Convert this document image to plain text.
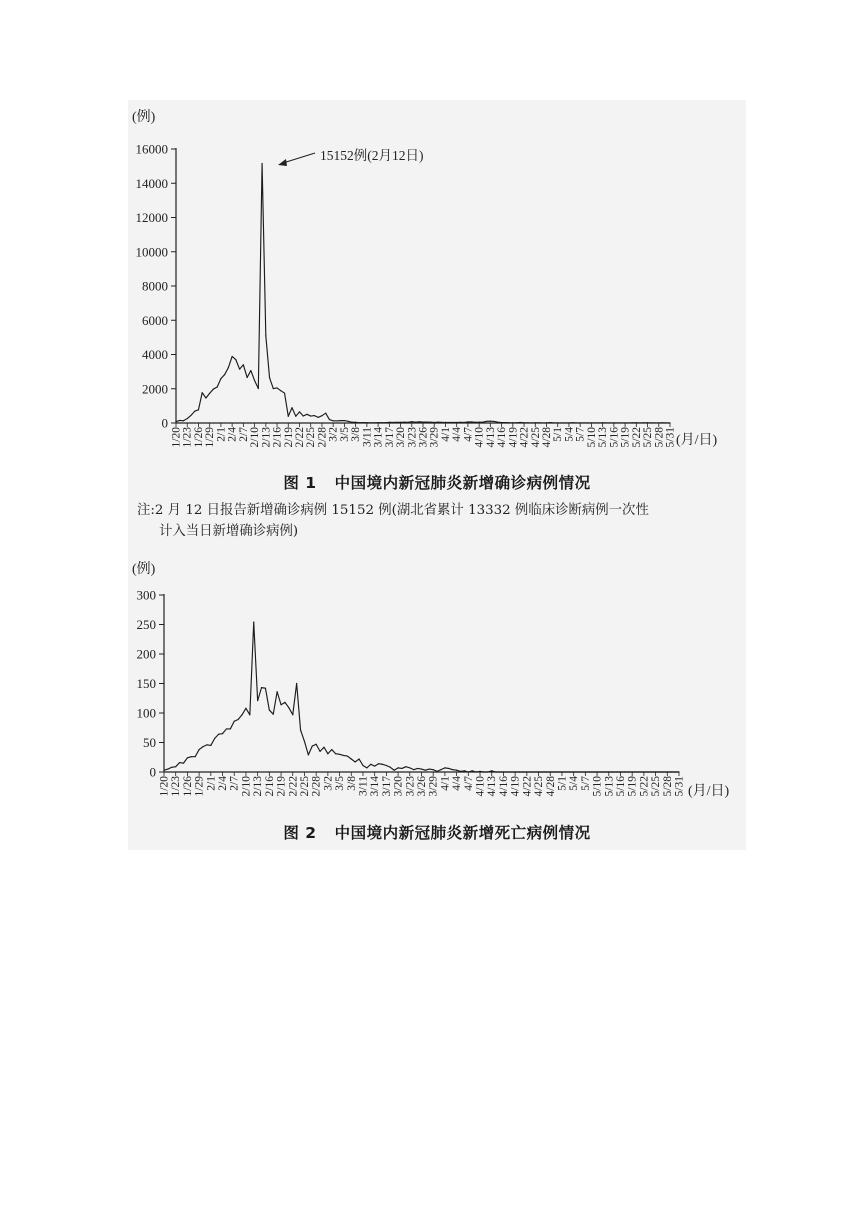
0
2000
4000
6000
8000
10000
12000
14000
16000
1/20 1/23 1/26 1/29 2/1 2/4 2/7 2/10 2/13 2/16 2/19 2/22 2/25 2/28 3/2 3/5 3/8 3/11 3/14 3/17 3/20 3/23 3/26 3/29 4/1 4/4 4/7 4/10 4/13 4/16 4/19 4/22 4/25 4/28 5/1 5/4 5/7 5/10 5/13 5/16 5/19 5/22 5/25 5/28 5/31
(例)
(月/日)
15152例(2月12日)
图 1 中国境内新冠肺炎新增确诊病例情况
注:2 月 12 日报告新增确诊病例 15152 例(湖北省累计 13332 例临床诊断病例一次性
计入当日新增确诊病例)
0
50
100
150
200
250
300
1/20 1/23 1/26 1/29 2/1 2/4 2/7 2/10 2/13 2/16 2/19 2/22 2/25 2/28 3/2 3/5 3/8 3/11 3/14 3/17 3/20 3/23 3/26 3/29 4/1 4/4 4/7 4/10 4/13 4/16 4/19 4/22 4/25 4/28 5/1 5/4 5/7 5/10 5/13 5/16 5/19 5/22 5/25 5/28 5/31
(例)
(月/日)
图 2 中国境内新冠肺炎新增死亡病例情况
